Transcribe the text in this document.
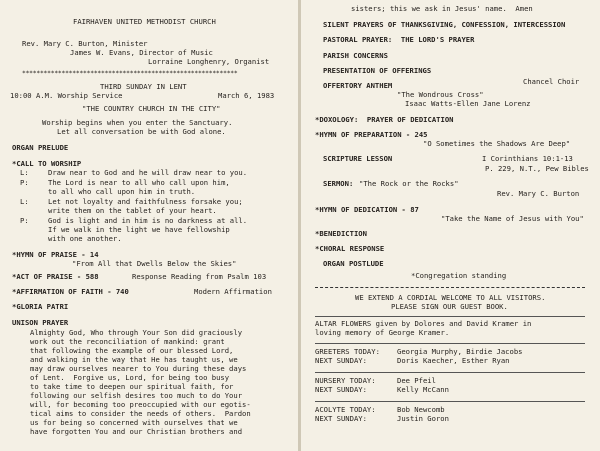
FAIRHAVEN UNITED METHODIST CHURCH
Rev. Mary C. Burton, Minister
James W. Evans, Director of Music
Lorraine Longhenry, Organist
************************************************************
THIRD SUNDAY IN LENT
10:00 A.M. Worship Service	March 6, 1983
"THE COUNTRY CHURCH IN THE CITY"
Worship begins when you enter the Sanctuary.
Let all conversation be with God alone.
ORGAN PRELUDE
*CALL TO WORSHIP
L:	Draw near to God and he will draw near to you.
P:	The Lord is near to all who call upon him,
to all who call upon him in truth.
L:	Let not loyalty and faithfulness forsake you;
write them on the tablet of your heart.
P:	God is light and in him is no darkness at all.
If we walk in the light we have fellowship
with one another.
*HYMN OF PRAISE - 14
"From All that Dwells Below the Skies"
*ACT OF PRAISE - 588	Response Reading from Psalm 103
*AFFIRMATION OF FAITH - 740	Modern Affirmation
*GLORIA PATRI
UNISON PRAYER
Almighty God, Who through Your Son did graciously
work out the reconciliation of mankind: grant
that following the example of our blessed Lord,
and walking in the way that He has taught us, we
may draw ourselves nearer to You during these days
of Lent.  Forgive us, Lord, for being too busy
to take time to deepen our spiritual faith, for
following our selfish desires too much to do Your
will, for becoming too preoccupied with our egotis-
tical aims to consider the needs of others.  Pardon
us for being so concerned with ourselves that we
have forgotten You and our Christian brothers and
sisters; this we ask in Jesus' name.  Amen
SILENT PRAYERS OF THANKSGIVING, CONFESSION, INTERCESSION
PASTORAL PRAYER:  THE LORD'S PRAYER
PARISH CONCERNS
PRESENTATION OF OFFERINGS
OFFERTORY ANTHEM	Chancel Choir
"The Wondrous Cross"
Isaac Watts-Ellen Jane Lorenz
*DOXOLOGY:  PRAYER OF DEDICATION
*HYMN OF PREPARATION - 245
"O Sometimes the Shadows Are Deep"
SCRIPTURE LESSON	I Corinthians 10:1-13
P. 229, N.T., Pew Bibles
SERMON: "The Rock or the Rocks"
Rev. Mary C. Burton
*HYMN OF DEDICATION - 87
"Take the Name of Jesus with You"
*BENEDICTION
*CHORAL RESPONSE
ORGAN POSTLUDE
*Congregation standing
WE EXTEND A CORDIAL WELCOME TO ALL VISITORS.
PLEASE SIGN OUR GUEST BOOK.
ALTAR FLOWERS given by Dolores and David Kramer in
loving memory of George Kramer.
GREETERS TODAY: Georgia Murphy, Birdie Jacobs
NEXT SUNDAY:	Doris Kaecher, Esther Ryan
NURSERY TODAY:	Dee Pfeil
NEXT SUNDAY:	Kelly McCann
ACOLYTE TODAY:	Bob Newcomb
NEXT SUNDAY:	Justin Goron
